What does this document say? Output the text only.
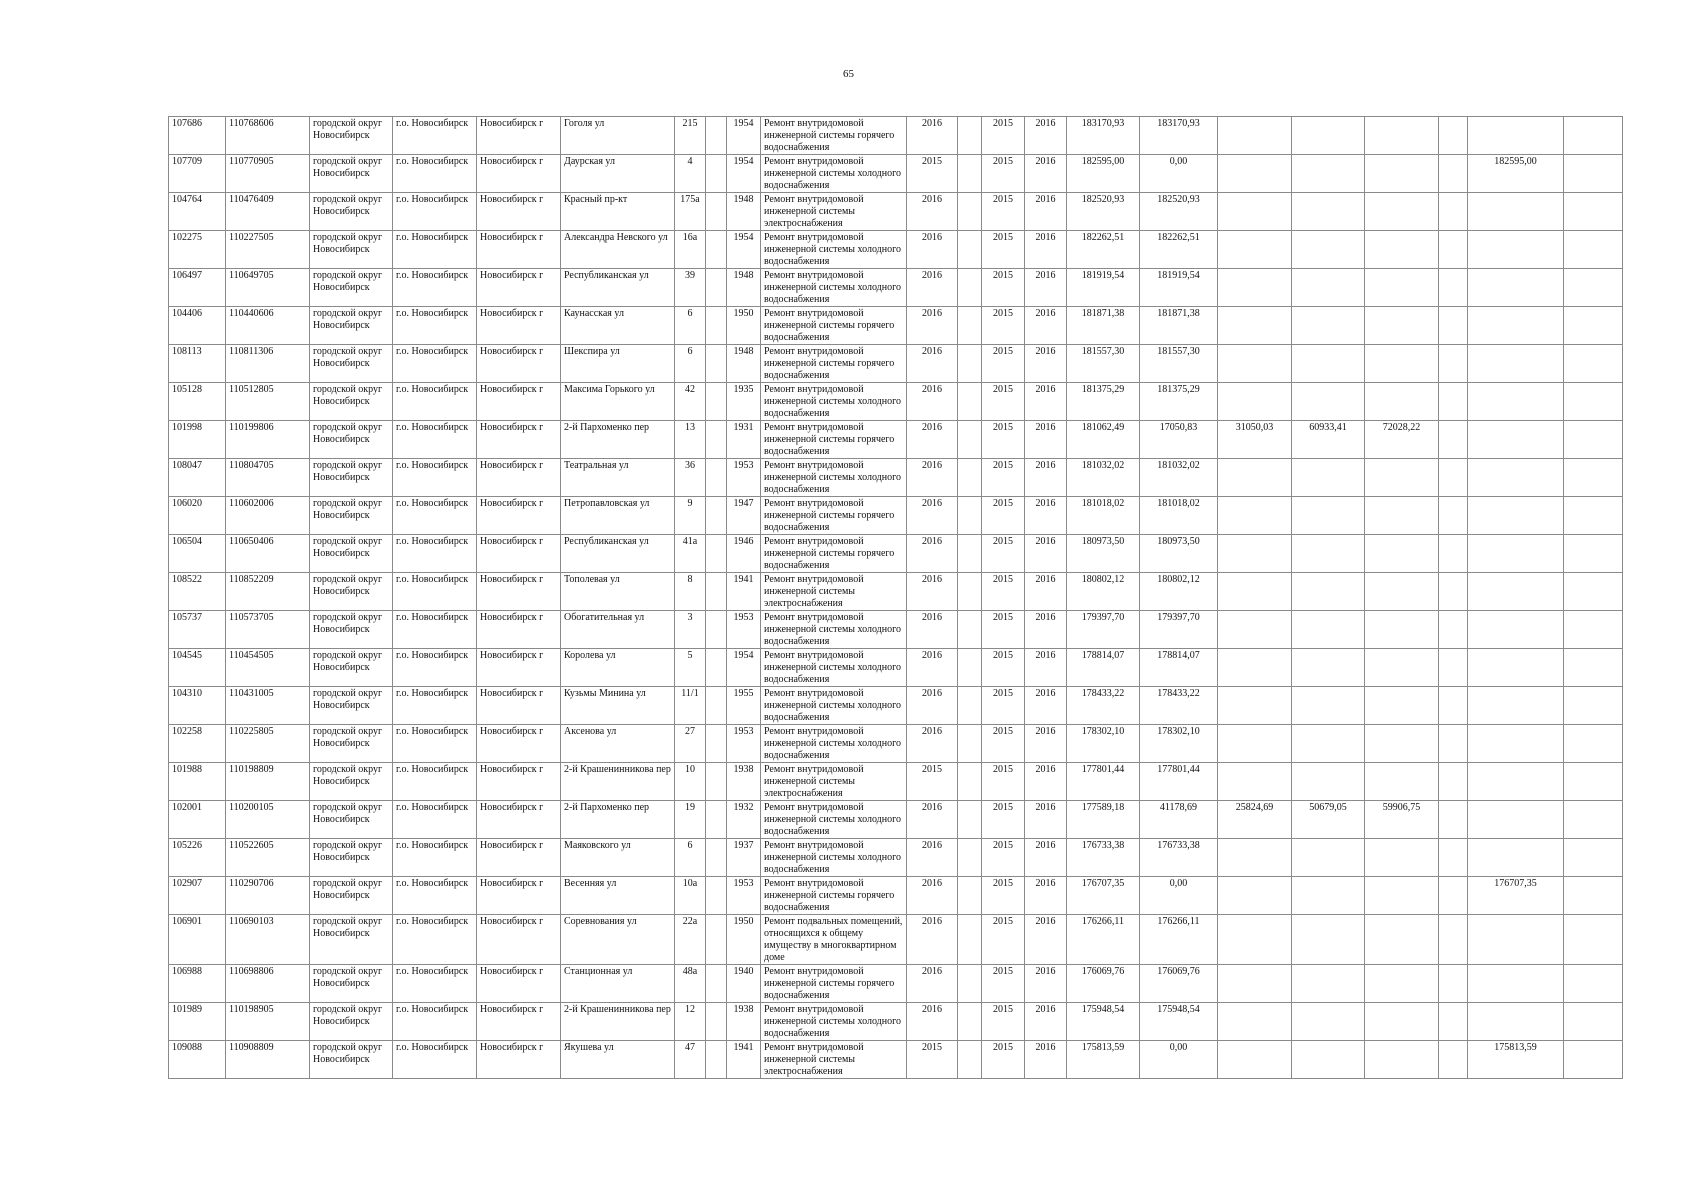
65
107686	110768606	городской округ Новосибирск	г.о. Новосибирск	Новосибирск г	Гоголя ул	215		1954	Ремонт внутридомовой инженерной системы горячего водоснабжения	2016		2015	2016	183170,93	183170,93						
107709	110770905	городской округ Новосибирск	г.о. Новосибирск	Новосибирск г	Даурская ул	4		1954	Ремонт внутридомовой инженерной системы холодного водоснабжения	2015		2015	2016	182595,00	0,00					182595,00	
104764	110476409	городской округ Новосибирск	г.о. Новосибирск	Новосибирск г	Красный пр-кт	175а		1948	Ремонт внутридомовой инженерной системы электроснабжения	2016		2015	2016	182520,93	182520,93						
102275	110227505	городской округ Новосибирск	г.о. Новосибирск	Новосибирск г	Александра Невского ул	16а		1954	Ремонт внутридомовой инженерной системы холодного водоснабжения	2016		2015	2016	182262,51	182262,51						
106497	110649705	городской округ Новосибирск	г.о. Новосибирск	Новосибирск г	Республиканская ул	39		1948	Ремонт внутридомовой инженерной системы холодного водоснабжения	2016		2015	2016	181919,54	181919,54						
104406	110440606	городской округ Новосибирск	г.о. Новосибирск	Новосибирск г	Каунасская ул	6		1950	Ремонт внутридомовой инженерной системы горячего водоснабжения	2016		2015	2016	181871,38	181871,38						
108113	110811306	городской округ Новосибирск	г.о. Новосибирск	Новосибирск г	Шекспира ул	6		1948	Ремонт внутридомовой инженерной системы горячего водоснабжения	2016		2015	2016	181557,30	181557,30						
105128	110512805	городской округ Новосибирск	г.о. Новосибирск	Новосибирск г	Максима Горького ул	42		1935	Ремонт внутридомовой инженерной системы холодного водоснабжения	2016		2015	2016	181375,29	181375,29						
101998	110199806	городской округ Новосибирск	г.о. Новосибирск	Новосибирск г	2-й Пархоменко пер	13		1931	Ремонт внутридомовой инженерной системы горячего водоснабжения	2016		2015	2016	181062,49	17050,83	31050,03	60933,41	72028,22			
108047	110804705	городской округ Новосибирск	г.о. Новосибирск	Новосибирск г	Театральная ул	36		1953	Ремонт внутридомовой инженерной системы холодного водоснабжения	2016		2015	2016	181032,02	181032,02						
106020	110602006	городской округ Новосибирск	г.о. Новосибирск	Новосибирск г	Петропавловская ул	9		1947	Ремонт внутридомовой инженерной системы горячего водоснабжения	2016		2015	2016	181018,02	181018,02						
106504	110650406	городской округ Новосибирск	г.о. Новосибирск	Новосибирск г	Республиканская ул	41а		1946	Ремонт внутридомовой инженерной системы горячего водоснабжения	2016		2015	2016	180973,50	180973,50						
108522	110852209	городской округ Новосибирск	г.о. Новосибирск	Новосибирск г	Тополевая ул	8		1941	Ремонт внутридомовой инженерной системы электроснабжения	2016		2015	2016	180802,12	180802,12						
105737	110573705	городской округ Новосибирск	г.о. Новосибирск	Новосибирск г	Обогатительная ул	3		1953	Ремонт внутридомовой инженерной системы холодного водоснабжения	2016		2015	2016	179397,70	179397,70						
104545	110454505	городской округ Новосибирск	г.о. Новосибирск	Новосибирск г	Королева ул	5		1954	Ремонт внутридомовой инженерной системы холодного водоснабжения	2016		2015	2016	178814,07	178814,07						
104310	110431005	городской округ Новосибирск	г.о. Новосибирск	Новосибирск г	Кузьмы Минина ул	11/1		1955	Ремонт внутридомовой инженерной системы холодного водоснабжения	2016		2015	2016	178433,22	178433,22						
102258	110225805	городской округ Новосибирск	г.о. Новосибирск	Новосибирск г	Аксенова ул	27		1953	Ремонт внутридомовой инженерной системы холодного водоснабжения	2016		2015	2016	178302,10	178302,10						
101988	110198809	городской округ Новосибирск	г.о. Новосибирск	Новосибирск г	2-й Крашенинникова пер	10		1938	Ремонт внутридомовой инженерной системы электроснабжения	2015		2015	2016	177801,44	177801,44						
102001	110200105	городской округ Новосибирск	г.о. Новосибирск	Новосибирск г	2-й Пархоменко пер	19		1932	Ремонт внутридомовой инженерной системы холодного водоснабжения	2016		2015	2016	177589,18	41178,69	25824,69	50679,05	59906,75			
105226	110522605	городской округ Новосибирск	г.о. Новосибирск	Новосибирск г	Маяковского ул	6		1937	Ремонт внутридомовой инженерной системы холодного водоснабжения	2016		2015	2016	176733,38	176733,38						
102907	110290706	городской округ Новосибирск	г.о. Новосибирск	Новосибирск г	Весенняя ул	10а		1953	Ремонт внутридомовой инженерной системы горячего водоснабжения	2016		2015	2016	176707,35	0,00					176707,35	
106901	110690103	городской округ Новосибирск	г.о. Новосибирск	Новосибирск г	Соревнования ул	22а		1950	Ремонт подвальных помещений, относящихся к общему имуществу в многоквартирном доме	2016		2015	2016	176266,11	176266,11						
106988	110698806	городской округ Новосибирск	г.о. Новосибирск	Новосибирск г	Станционная ул	48а		1940	Ремонт внутридомовой инженерной системы горячего водоснабжения	2016		2015	2016	176069,76	176069,76						
101989	110198905	городской округ Новосибирск	г.о. Новосибирск	Новосибирск г	2-й Крашенинникова пер	12		1938	Ремонт внутридомовой инженерной системы холодного водоснабжения	2016		2015	2016	175948,54	175948,54						
109088	110908809	городской округ Новосибирск	г.о. Новосибирск	Новосибирск г	Якушева ул	47		1941	Ремонт внутридомовой инженерной системы электроснабжения	2015		2015	2016	175813,59	0,00					175813,59	
